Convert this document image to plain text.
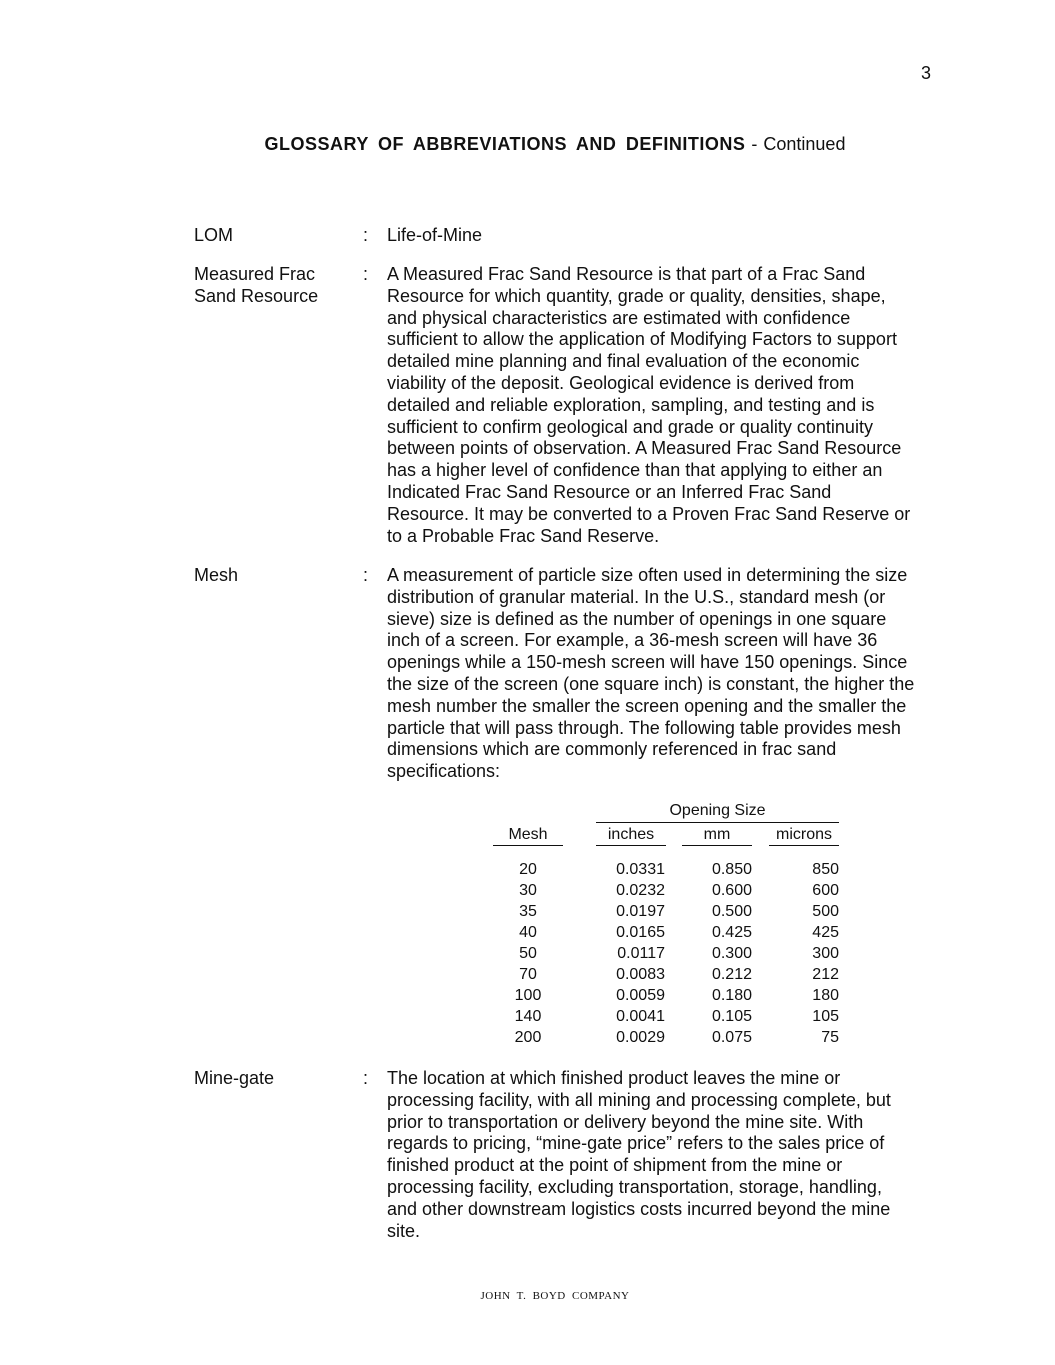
3
GLOSSARY OF ABBREVIATIONS AND DEFINITIONS - Continued
LOM	: Life-of-Mine
Measured Frac
Sand Resource
: A Measured Frac Sand Resource is that part of a Frac Sand
Resource for which quantity, grade or quality, densities, shape,
and physical characteristics are estimated with confidence
sufficient to allow the application of Modifying Factors to support
detailed mine planning and final evaluation of the economic
viability of the deposit. Geological evidence is derived from
detailed and reliable exploration, sampling, and testing and is
sufficient to confirm geological and grade or quality continuity
between points of observation. A Measured Frac Sand Resource
has a higher level of confidence than that applying to either an
Indicated Frac Sand Resource or an Inferred Frac Sand
Resource. It may be converted to a Proven Frac Sand Reserve or
to a Probable Frac Sand Reserve.
Mesh	: A measurement of particle size often used in determining the size
distribution of granular material. In the U.S., standard mesh (or
sieve) size is defined as the number of openings in one square
inch of a screen. For example, a 36-mesh screen will have 36
openings while a 150-mesh screen will have 150 openings. Since
the size of the screen (one square inch) is constant, the higher the
mesh number the smaller the screen opening and the smaller the
particle that will pass through. The following table provides mesh
dimensions which are commonly referenced in frac sand
specifications:
Opening Size
Mesh	inches	mm	microns
20	0.0331	0.850	850
30	0.0232	0.600	600
35	0.0197	0.500	500
40	0.0165	0.425	425
50	0.0117	0.300	300
70	0.0083	0.212	212
100	0.0059	0.180	180
140	0.0041	0.105	105
200	0.0029	0.075	75
Mine-gate	: The location at which finished product leaves the mine or
processing facility, with all mining and processing complete, but
prior to transportation or delivery beyond the mine site. With
regards to pricing, “mine-gate price” refers to the sales price of
finished product at the point of shipment from the mine or
processing facility, excluding transportation, storage, handling,
and other downstream logistics costs incurred beyond the mine
site.
JOHN T. BOYD COMPANY
